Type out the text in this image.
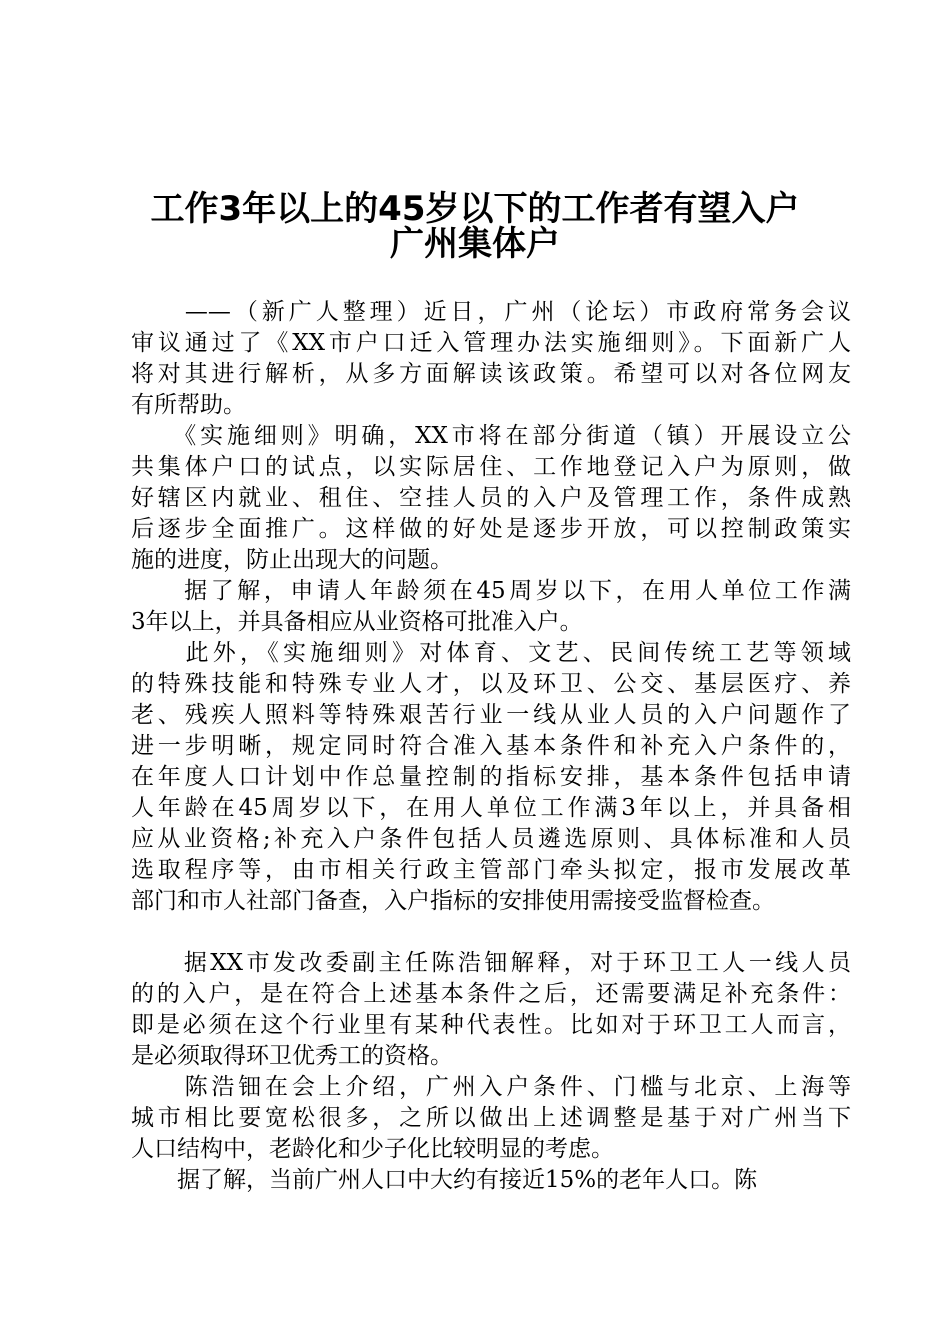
工作3年以上的45岁以下的工作者有望入户
广州集体户
　　——（新广人整理）近日，广州（论坛）市政府常务会议
审议通过了《XX市户口迁入管理办法实施细则》。下面新广人
将对其进行解析，从多方面解读该政策。希望可以对各位网友
有所帮助。
　　《实施细则》明确，XX市将在部分街道（镇）开展设立公
共集体户口的试点，以实际居住、工作地登记入户为原则，做
好辖区内就业、租住、空挂人员的入户及管理工作，条件成熟
后逐步全面推广。这样做的好处是逐步开放，可以控制政策实
施的进度，防止出现大的问题。
　　据了解，申请人年龄须在45周岁以下，在用人单位工作满
3年以上，并具备相应从业资格可批准入户。
　　此外，《实施细则》对体育、文艺、民间传统工艺等领域
的特殊技能和特殊专业人才，以及环卫、公交、基层医疗、养
老、残疾人照料等特殊艰苦行业一线从业人员的入户问题作了
进一步明晰，规定同时符合准入基本条件和补充入户条件的，
在年度人口计划中作总量控制的指标安排，基本条件包括申请
人年龄在45周岁以下，在用人单位工作满3年以上，并具备相
应从业资格;补充入户条件包括人员遴选原则、具体标准和人员
选取程序等，由市相关行政主管部门牵头拟定，报市发展改革
部门和市人社部门备查，入户指标的安排使用需接受监督检查。
　　据XX市发改委副主任陈浩钿解释，对于环卫工人一线人员
的的入户，是在符合上述基本条件之后，还需要满足补充条件：
即是必须在这个行业里有某种代表性。比如对于环卫工人而言，
是必须取得环卫优秀工的资格。
　　陈浩钿在会上介绍，广州入户条件、门槛与北京、上海等
城市相比要宽松很多，之所以做出上述调整是基于对广州当下
人口结构中，老龄化和少子化比较明显的考虑。
　　据了解，当前广州人口中大约有接近15%的老年人口。陈
